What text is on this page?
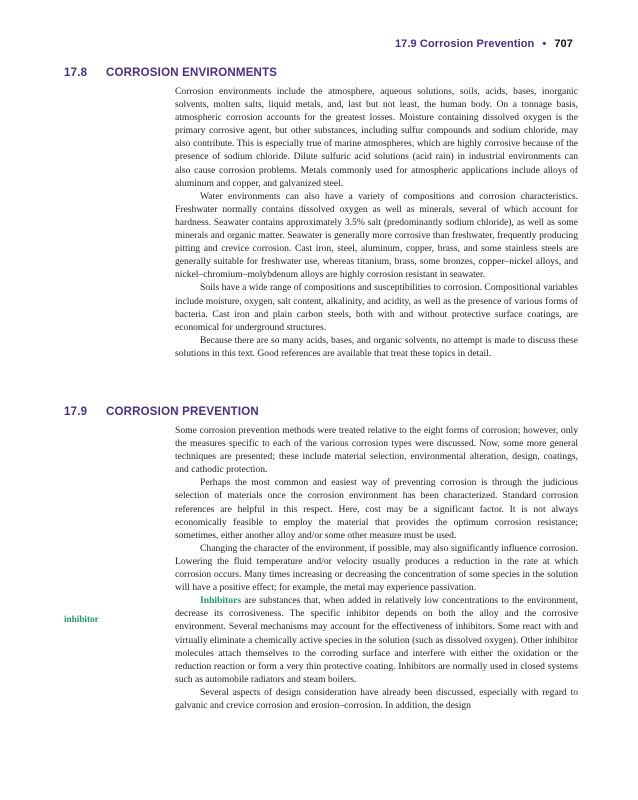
17.9 Corrosion Prevention • 707
17.8 CORROSION ENVIRONMENTS

Corrosion environments include the atmosphere, aqueous solutions, soils, acids, bases, inorganic solvents, molten salts, liquid metals, and, last but not least, the human body. On a tonnage basis, atmospheric corrosion accounts for the greatest losses. Moisture containing dissolved oxygen is the primary corrosive agent, but other substances, including sulfur compounds and sodium chloride, may also contribute. This is especially true of marine atmospheres, which are highly corrosive because of the presence of sodium chloride. Dilute sulfuric acid solutions (acid rain) in industrial environments can also cause corrosion problems. Metals commonly used for atmospheric applications include alloys of aluminum and copper, and galvanized steel.

Water environments can also have a variety of compositions and corrosion characteristics. Freshwater normally contains dissolved oxygen as well as minerals, several of which account for hardness. Seawater contains approximately 3.5% salt (predominantly sodium chloride), as well as some minerals and organic matter. Seawater is generally more corrosive than freshwater, frequently producing pitting and crevice corrosion. Cast iron, steel, aluminum, copper, brass, and some stainless steels are generally suitable for freshwater use, whereas titanium, brass, some bronzes, copper–nickel alloys, and nickel–chromium–molybdenum alloys are highly corrosion resistant in seawater.

Soils have a wide range of compositions and susceptibilities to corrosion. Compositional variables include moisture, oxygen, salt content, alkalinity, and acidity, as well as the presence of various forms of bacteria. Cast iron and plain carbon steels, both with and without protective surface coatings, are economical for underground structures.

Because there are so many acids, bases, and organic solvents, no attempt is made to discuss these solutions in this text. Good references are available that treat these topics in detail.

17.9 CORROSION PREVENTION

Some corrosion prevention methods were treated relative to the eight forms of corrosion; however, only the measures specific to each of the various corrosion types were discussed. Now, some more general techniques are presented; these include material selection, environmental alteration, design, coatings, and cathodic protection.

Perhaps the most common and easiest way of preventing corrosion is through the judicious selection of materials once the corrosion environment has been characterized. Standard corrosion references are helpful in this respect. Here, cost may be a significant factor. It is not always economically feasible to employ the material that provides the optimum corrosion resistance; sometimes, either another alloy and/or some other measure must be used.

Changing the character of the environment, if possible, may also significantly influence corrosion. Lowering the fluid temperature and/or velocity usually produces a reduction in the rate at which corrosion occurs. Many times increasing or decreasing the concentration of some species in the solution will have a positive effect; for example, the metal may experience passivation.

Inhibitors are substances that, when added in relatively low concentrations to the environment, decrease its corrosiveness. The specific inhibitor depends on both the alloy and the corrosive environment. Several mechanisms may account for the effectiveness of inhibitors. Some react with and virtually eliminate a chemically active species in the solution (such as dissolved oxygen). Other inhibitor molecules attach themselves to the corroding surface and interfere with either the oxidation or the reduction reaction or form a very thin protective coating. Inhibitors are normally used in closed systems such as automobile radiators and steam boilers.

Several aspects of design consideration have already been discussed, especially with regard to galvanic and crevice corrosion and erosion–corrosion. In addition, the design

inhibitor
